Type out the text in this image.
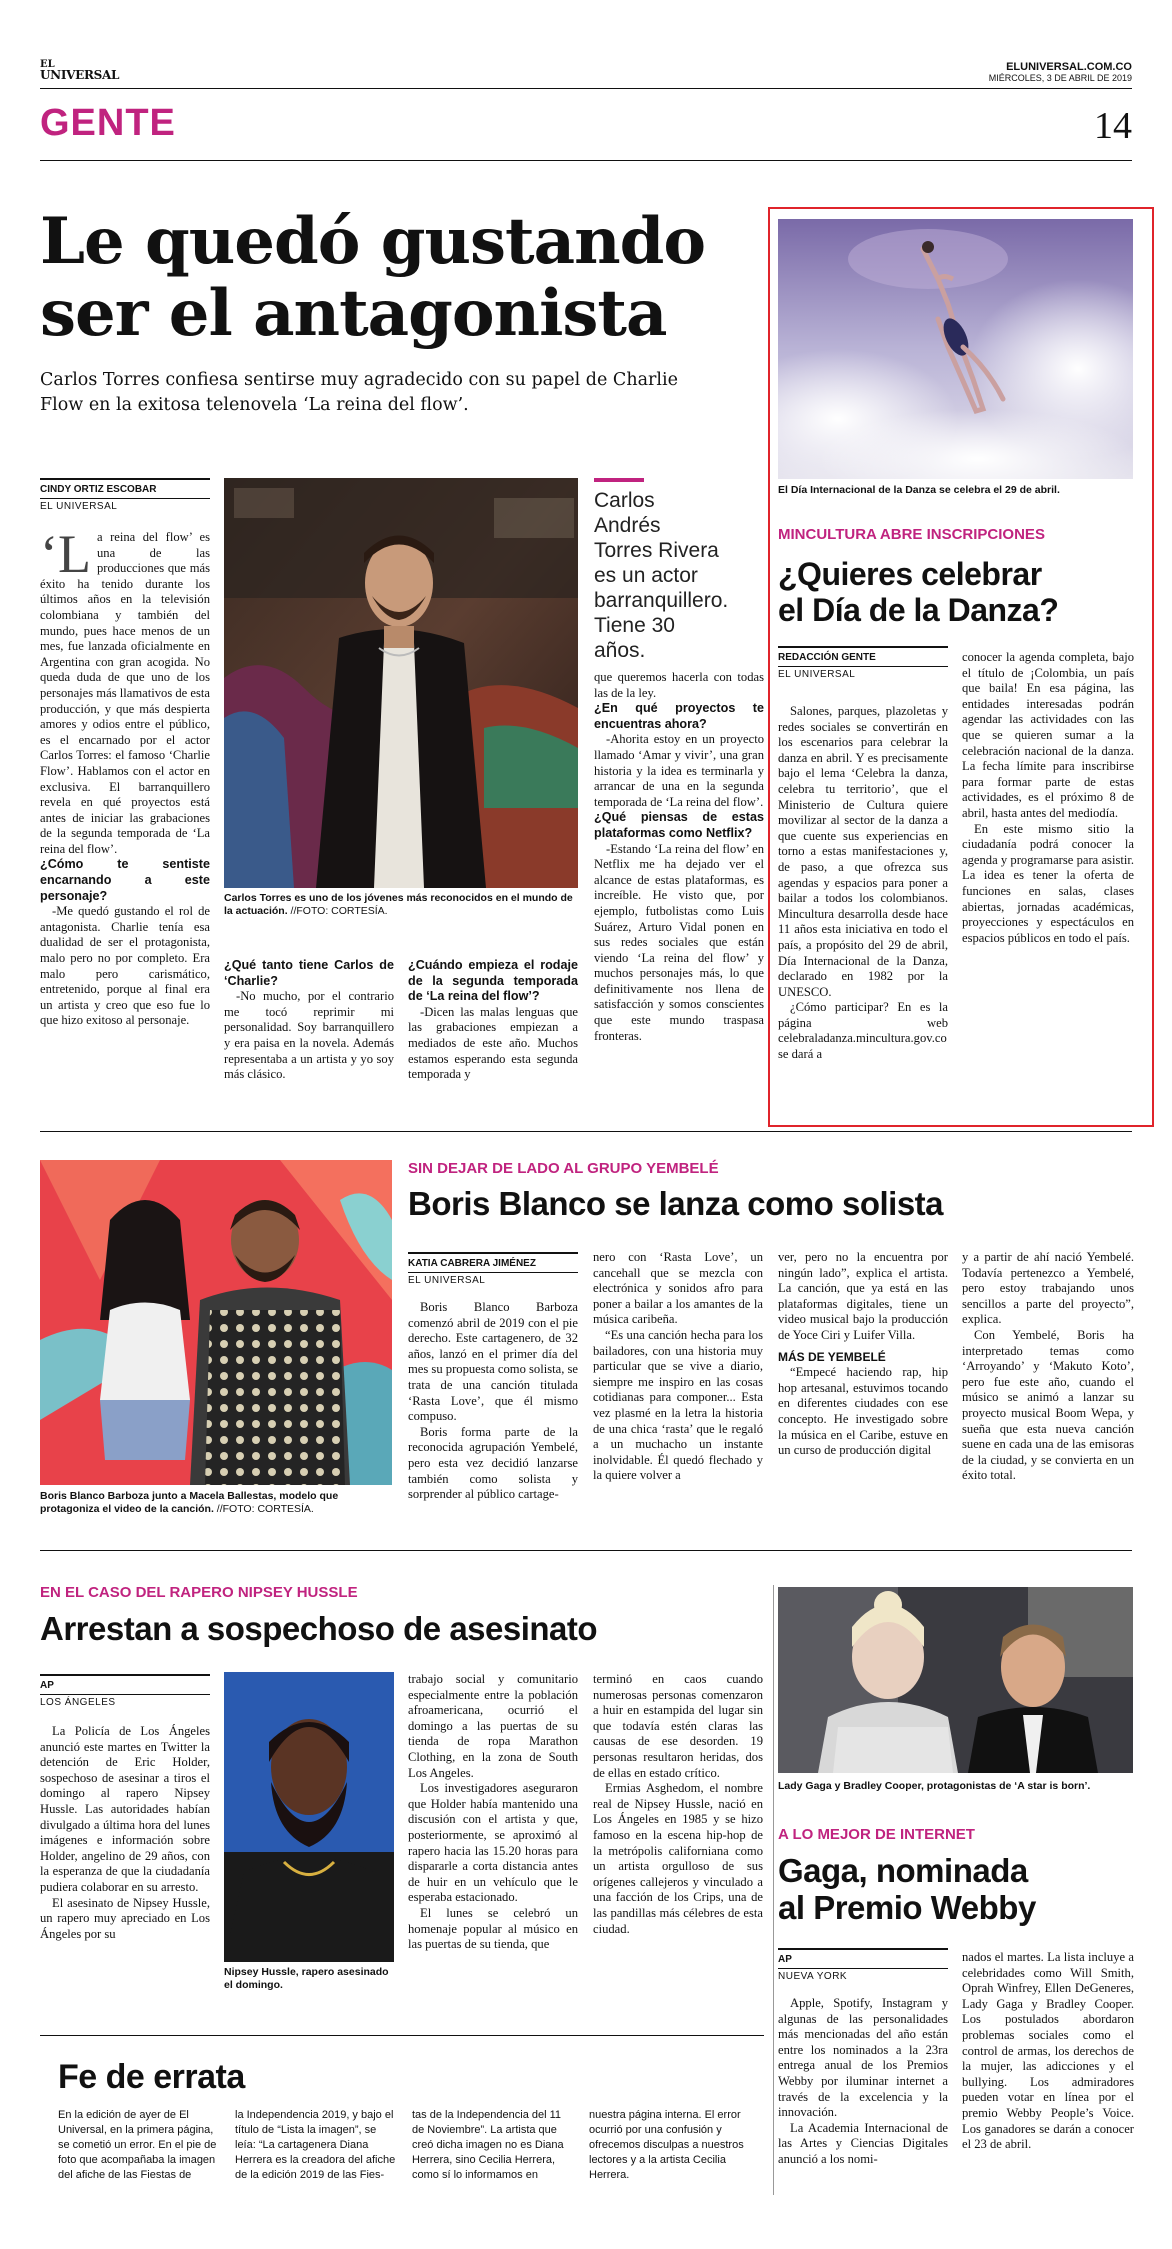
EL
UNIVERSAL
ELUNIVERSAL.COM.CO
MIÉRCOLES, 3 DE ABRIL DE 2019
GENTE	14
Le quedó gustando
ser el antagonista
Carlos Torres confiesa sentirse muy agradecido con su papel de Charlie Flow en la exitosa telenovela ‘La reina del flow’.
CINDY ORTIZ ESCOBAR
EL UNIVERSAL

‘La reina del flow’ es una de las producciones que más éxito ha tenido durante los últimos años en la televisión colombiana y también del mundo, pues hace menos de un mes, fue lanzada oficialmente en Argentina con gran acogida. No queda duda de que uno de los personajes más llamativos de esta producción, y que más despierta amores y odios entre el público, es el encarnado por el actor Carlos Torres: el famoso ‘Charlie Flow’. Hablamos con el actor en exclusiva. El barranquillero revela en qué proyectos está antes de iniciar las grabaciones de la segunda temporada de ‘La reina del flow’.

¿Cómo te sentiste encarnando a este personaje?

-Me quedó gustando el rol de antagonista. Charlie tenía esa dualidad de ser el protagonista, malo pero no por completo. Era malo pero carismático, entretenido, porque al final era un artista y creo que eso fue lo que hizo exitoso al personaje.

Carlos Torres es uno de los jóvenes más reconocidos en el mundo de la actuación. //FOTO: CORTESÍA.
Carlos Andrés Torres Rivera es un actor barranquillero. Tiene 30 años.

¿Qué tanto tiene Carlos de ‘Charlie?

-No mucho, por el contrario me tocó reprimir mi personalidad. Soy barranquillero y era paisa en la novela. Además representaba a un artista y yo soy más clásico.

¿Cuándo empieza el rodaje de la segunda temporada de ‘La reina del flow’?

-Dicen las malas lenguas que las grabaciones empiezan a mediados de este año. Muchos estamos esperando esta segunda temporada y

que queremos hacerla con todas las de la ley.

¿En qué proyectos te encuentras ahora?

-Ahorita estoy en un proyecto llamado ‘Amar y vivir’, una gran historia y la idea es terminarla y arrancar de una en la segunda temporada de ‘La reina del flow’.

¿Qué piensas de estas plataformas como Netflix?

-Estando ‘La reina del flow’ en Netflix me ha dejado ver el alcance de estas plataformas, es increíble. He visto que, por ejemplo, futbolistas como Luis Suárez, Arturo Vidal ponen en sus redes sociales que están viendo ‘La reina del flow’ y muchos personajes más, lo que definitivamente nos llena de satisfacción y somos conscientes que este mundo traspasa fronteras.

El Día Internacional de la Danza se celebra el 29 de abril.
MINCULTURA ABRE INSCRIPCIONES
¿Quieres celebrar
el Día de la Danza?
REDACCIÓN GENTE
EL UNIVERSAL

Salones, parques, plazoletas y redes sociales se convertirán en los escenarios para celebrar la danza en abril. Y es precisamente bajo el lema ‘Celebra la danza, celebra tu territorio’, que el Ministerio de Cultura quiere movilizar al sector de la danza a que cuente sus experiencias en torno a estas manifestaciones y, de paso, a que ofrezca sus agendas y espacios para poner a bailar a todos los colombianos. Mincultura desarrolla desde hace 11 años esta iniciativa en todo el país, a propósito del 29 de abril, Día Internacional de la Danza, declarado en 1982 por la UNESCO.

¿Cómo participar? En es la página web celebraladanza.mincultura.gov.co se dará a

conocer la agenda completa, bajo el título de ¡Colombia, un país que baila! En esa página, las entidades interesadas podrán agendar las actividades con las que se quieren sumar a la celebración nacional de la danza. La fecha límite para inscribirse para formar parte de estas actividades, es el próximo 8 de abril, hasta antes del mediodía.

En este mismo sitio la ciudadanía podrá conocer la agenda y programarse para asistir. La idea es tener la oferta de funciones en salas, clases abiertas, jornadas académicas, proyecciones y espectáculos en espacios públicos en todo el país.

Boris Blanco Barboza junto a Macela Ballestas, modelo que protagoniza el video de la canción. //FOTO: CORTESÍA.
SIN DEJAR DE LADO AL GRUPO YEMBELÉ
Boris Blanco se lanza como solista
KATIA CABRERA JIMÉNEZ
EL UNIVERSAL

Boris Blanco Barboza comenzó abril de 2019 con el pie derecho. Este cartagenero, de 32 años, lanzó en el primer día del mes su propuesta como solista, se trata de una canción titulada ‘Rasta Love’, que él mismo compuso.

Boris forma parte de la reconocida agrupación Yembelé, pero esta vez decidió lanzarse también como solista y sorprender al público cartage-

nero con ‘Rasta Love’, un cancehall que se mezcla con electrónica y sonidos afro para poner a bailar a los amantes de la música caribeña.

“Es una canción hecha para los bailadores, con una historia muy particular que se vive a diario, siempre me inspiro en las cosas cotidianas para componer... Esta vez plasmé en la letra la historia de una chica ‘rasta’ que le regaló a un muchacho un instante inolvidable. Él quedó flechado y la quiere volver a

ver, pero no la encuentra por ningún lado”, explica el artista. La canción, que ya está en las plataformas digitales, tiene un video musical bajo la producción de Yoce Ciri y Luifer Villa.

MÁS DE YEMBELÉ

“Empecé haciendo rap, hip hop artesanal, estuvimos tocando en diferentes ciudades con ese concepto. He investigado sobre la música en el Caribe, estuve en un curso de producción digital

y a partir de ahí nació Yembelé. Todavía pertenezco a Yembelé, pero estoy trabajando unos sencillos a parte del proyecto”, explica.

Con Yembelé, Boris ha interpretado temas como ‘Arroyando’ y ‘Makuto Koto’, pero fue este año, cuando el músico se animó a lanzar su proyecto musical Boom Wepa, y sueña que esta nueva canción suene en cada una de las emisoras de la ciudad, y se convierta en un éxito total.

EN EL CASO DEL RAPERO NIPSEY HUSSLE
Arrestan a sospechoso de asesinato
AP
LOS ÁNGELES

La Policía de Los Ángeles anunció este martes en Twitter la detención de Eric Holder, sospechoso de asesinar a tiros el domingo al rapero Nipsey Hussle. Las autoridades habían divulgado a última hora del lunes imágenes e información sobre Holder, angelino de 29 años, con la esperanza de que la ciudadanía pudiera colaborar en su arresto.

El asesinato de Nipsey Hussle, un rapero muy apreciado en Los Ángeles por su

Nipsey Hussle, rapero asesinado el domingo.

trabajo social y comunitario especialmente entre la población afroamericana, ocurrió el domingo a las puertas de su tienda de ropa Marathon Clothing, en la zona de South Los Angeles.

Los investigadores aseguraron que Holder había mantenido una discusión con el artista y que, posteriormente, se aproximó al rapero hacia las 15.20 horas para dispararle a corta distancia antes de huir en un vehículo que le esperaba estacionado.

El lunes se celebró un homenaje popular al músico en las puertas de su tienda, que

terminó en caos cuando numerosas personas comenzaron a huir en estampida del lugar sin que todavía estén claras las causas de ese desorden. 19 personas resultaron heridas, dos de ellas en estado crítico.

Ermias Asghedom, el nombre real de Nipsey Hussle, nació en Los Ángeles en 1985 y se hizo famoso en la escena hip-hop de la metrópolis californiana como un artista orgulloso de sus orígenes callejeros y vinculado a una facción de los Crips, una de las pandillas más célebres de esta ciudad.

Fe de errata
En la edición de ayer de El Universal, en la primera página, se cometió un error. En el pie de foto que acompañaba la imagen del afiche de las Fiestas de
la Independencia 2019, y bajo el título de “Lista la imagen”, se leía: “La cartagenera Diana Herrera es la creadora del afiche de la edición 2019 de las Fies-
tas de la Independencia del 11 de Noviembre”. La artista que creó dicha imagen no es Diana Herrera, sino Cecilia Herrera, como sí lo informamos en
nuestra página interna. El error ocurrió por una confusión y ofrecemos disculpas a nuestros lectores y a la artista Cecilia Herrera.
Lady Gaga y Bradley Cooper, protagonistas de ‘A star is born’.
A LO MEJOR DE INTERNET
Gaga, nominada
al Premio Webby
AP
NUEVA YORK

Apple, Spotify, Instagram y algunas de las personalidades más mencionadas del año están entre los nominados a la 23ra entrega anual de los Premios Webby por iluminar internet a través de la excelencia y la innovación.

La Academia Internacional de las Artes y Ciencias Digitales anunció a los nomi-

nados el martes. La lista incluye a celebridades como Will Smith, Oprah Winfrey, Ellen DeGeneres, Lady Gaga y Bradley Cooper. Los postulados abordaron problemas sociales como el control de armas, los derechos de la mujer, las adicciones y el bullying. Los admiradores pueden votar en línea por el premio Webby People’s Voice. Los ganadores se darán a conocer el 23 de abril.
